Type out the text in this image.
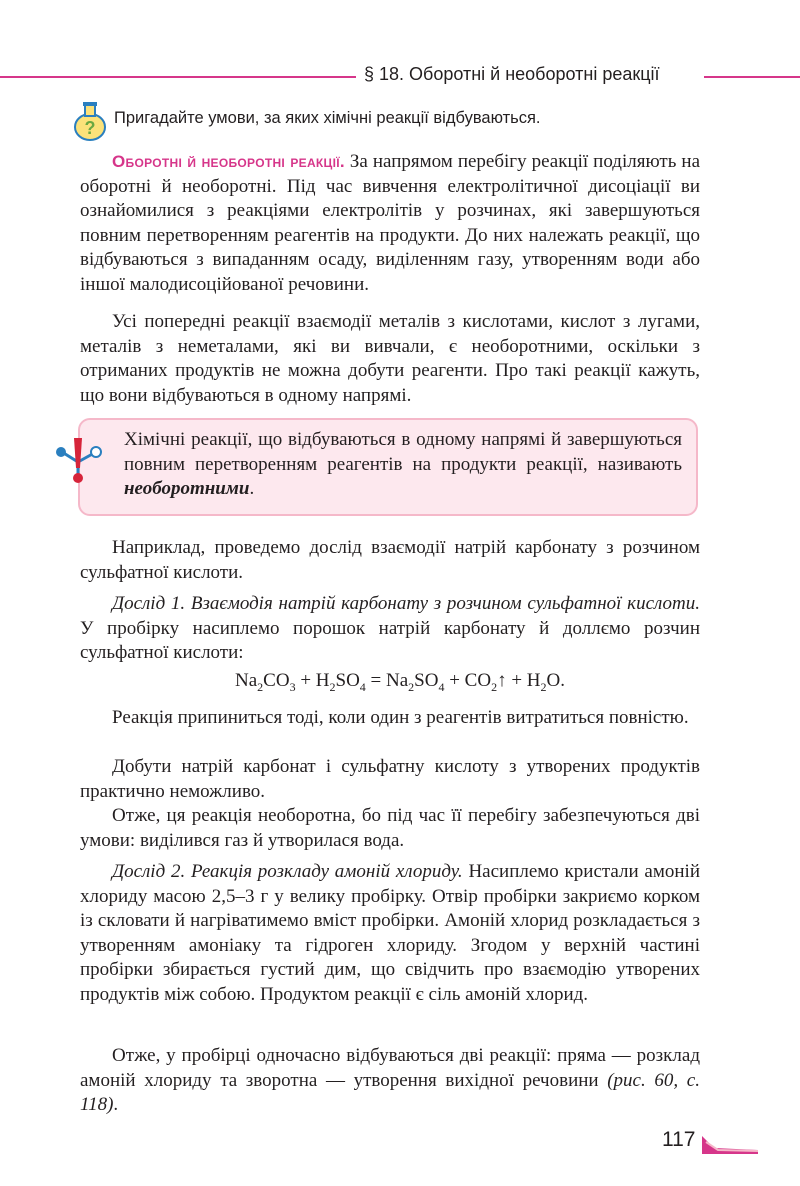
§ 18. Оборотні й необоротні реакції
? Пригадайте умови, за яких хімічні реакції відбуваються.

Оборотні й необоротні реакції. За напрямом перебігу реакції поділяють на оборотні й необоротні. Під час вивчення електролітичної дисоціації ви ознайомилися з реакціями електролітів у розчинах, які завершуються повним перетворенням реагентів на продукти. До них належать реакції, що відбуваються з випаданням осаду, виділенням газу, утворенням води або іншої малодисоційованої речовини.

Усі попередні реакції взаємодії металів з кислотами, кислот з лугами, металів з неметалами, які ви вивчали, є необоротними, оскільки з отриманих продуктів не можна добути реагенти. Про такі реакції кажуть, що вони відбуваються в одному напрямі.

Хімічні реакції, що відбуваються в одному напрямі й завершуються повним перетворенням реагентів на продукти реакції, називають необоротними.

Наприклад, проведемо дослід взаємодії натрій карбонату з розчином сульфатної кислоти.

Дослід 1. Взаємодія натрій карбонату з розчином сульфатної кислоти. У пробірку насиплемо порошок натрій карбонату й доллємо розчин сульфатної кислоти:

$Na_2CO_3 + H_2SO_4 = Na_2SO_4$ + $CO_2↑ + H_2O$.

Реакція припиниться тоді, коли один з реагентів витратиться повністю.

Добути натрій карбонат і сульфатну кислоту з утворених продуктів практично неможливо.

Отже, ця реакція необоротна, бо під час її перебігу забезпечуються дві умови: виділився газ й утворилася вода.

Дослід 2. Реакція розкладу амоній хлориду. Насиплемо кристали амоній хлориду масою 2,5–3 г у велику пробірку. Отвір пробірки закриємо корком із скловати й нагріватимемо вміст пробірки. Амоній хлорид розкладається з утворенням амоніаку та гідроген хлориду. Згодом у верхній частині пробірки збирається густий дим, що свідчить про взаємодію утворених продуктів між собою. Продуктом реакції є сіль амоній хлорид.

Отже, у пробірці одночасно відбуваються дві реакції: пряма — розклад амоній хлориду та зворотна — утворення вихідної речовини (рис. 60, с. 118).

117
